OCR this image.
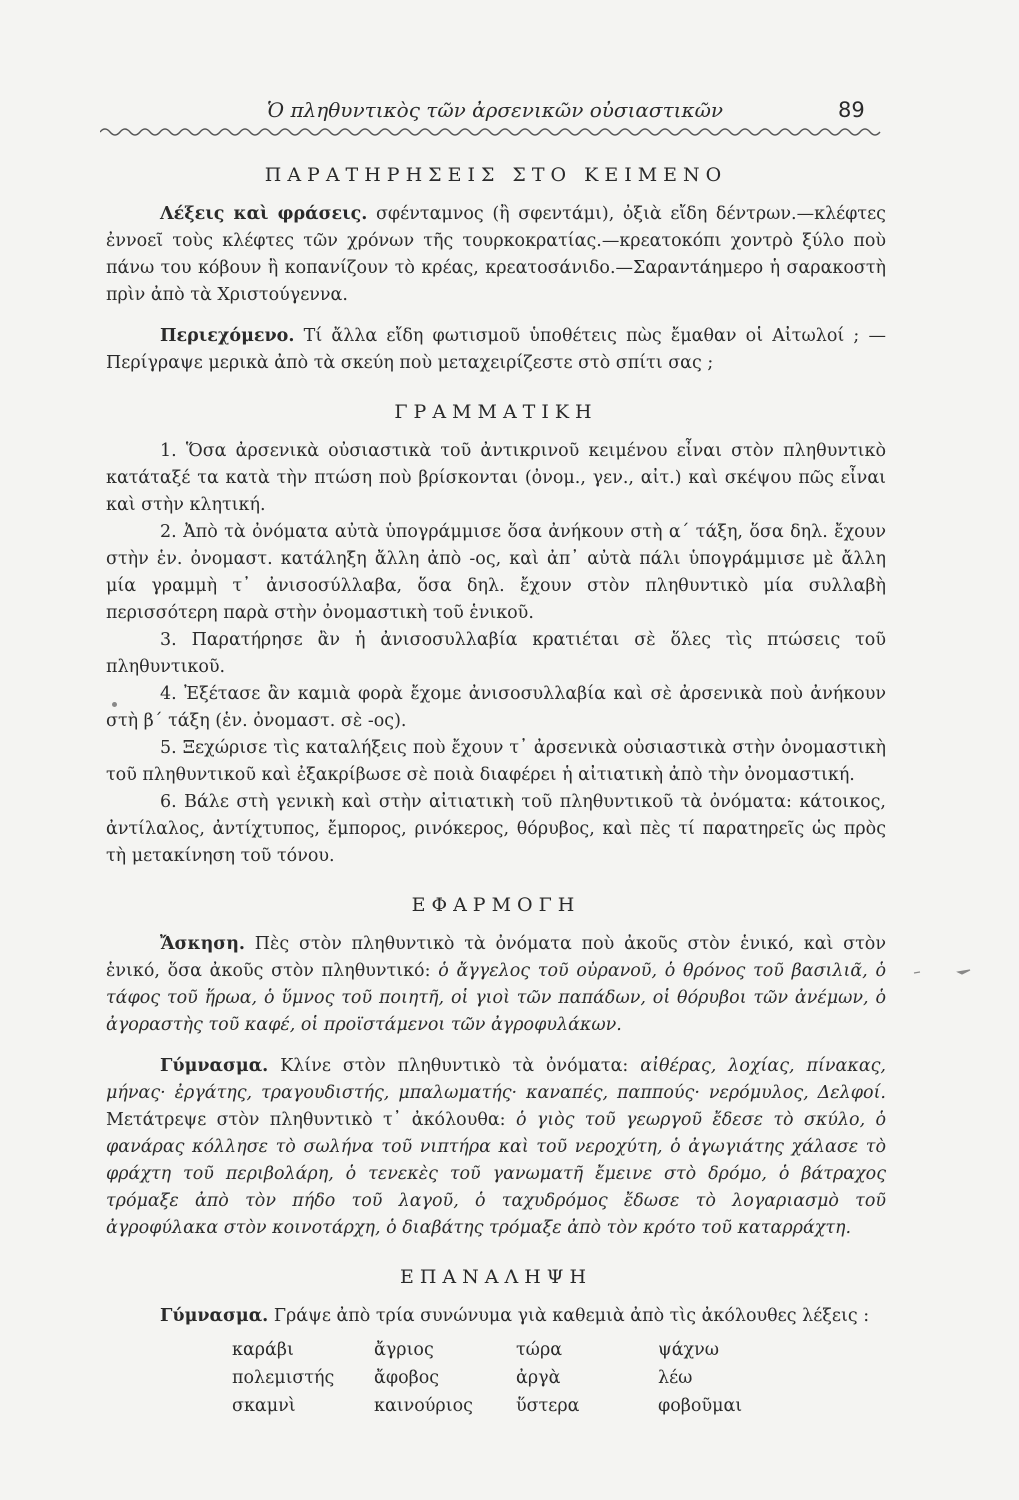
Ὁ πληθυντικὸς τῶν ἀρσενικῶν οὐσιαστικῶν	89
ΠΑΡΑΤΗΡΗΣΕΙΣ ΣΤΟ ΚΕΙΜΕΝΟ

Λέξεις καὶ φράσεις. σφένταμνος (ἢ σφεντάμι), ὀξιὰ εἴδη δέντρων.—κλέφτες ἐννοεῖ τοὺς κλέφτες τῶν χρόνων τῆς τουρκοκρατίας.—κρεατοκόπι χοντρὸ ξύλο ποὺ πάνω του κόβουν ἢ κοπανίζουν τὸ κρέας, κρεατοσάνιδο.—Σαραντάημερο ἡ σαρακοστὴ πρὶν ἀπὸ τὰ Χριστούγεννα.

Περιεχόμενο. Τί ἄλλα εἴδη φωτισμοῦ ὑποθέτεις πὼς ἔμαθαν οἱ Αἰτωλοί ; —Περίγραψε μερικὰ ἀπὸ τὰ σκεύη ποὺ μεταχειρίζεστε στὸ σπίτι σας ;

ΓΡΑΜΜΑΤΙΚΗ

1. Ὅσα ἀρσενικὰ οὐσιαστικὰ τοῦ ἀντικρινοῦ κειμένου εἶναι στὸν πληθυντικὸ κατάταξέ τα κατὰ τὴν πτώση ποὺ βρίσκονται (ὀνομ., γεν., αἰτ.) καὶ σκέψου πῶς εἶναι καὶ στὴν κλητική.

2. Ἀπὸ τὰ ὀνόματα αὐτὰ ὑπογράμμισε ὅσα ἀνήκουν στὴ α΄ τάξη, ὅσα δηλ. ἔχουν στὴν ἑν. ὀνομαστ. κατάληξη ἄλλη ἀπὸ -ος, καὶ ἀπ᾽ αὐτὰ πάλι ὑπογράμμισε μὲ ἄλλη μία γραμμὴ τ᾽ ἀνισοσύλλαβα, ὅσα δηλ. ἔχουν στὸν πληθυντικὸ μία συλλαβὴ περισσότερη παρὰ στὴν ὀνομαστικὴ τοῦ ἑνικοῦ.

3. Παρατήρησε ἂν ἡ ἀνισοσυλλαβία κρατιέται σὲ ὅλες τὶς πτώσεις τοῦ πληθυντικοῦ.

4. Ἐξέτασε ἂν καμιὰ φορὰ ἔχομε ἀνισοσυλλαβία καὶ σὲ ἀρσενικὰ ποὺ ἀνήκουν στὴ β΄ τάξη (ἑν. ὀνομαστ. σὲ -ος).

5. Ξεχώρισε τὶς καταλήξεις ποὺ ἔχουν τ᾽ ἀρσενικὰ οὐσιαστικὰ στὴν ὀνομαστικὴ τοῦ πληθυντικοῦ καὶ ἐξακρίβωσε σὲ ποιὰ διαφέρει ἡ αἰτιατικὴ ἀπὸ τὴν ὀνομαστική.

6. Βάλε στὴ γενικὴ καὶ στὴν αἰτιατικὴ τοῦ πληθυντικοῦ τὰ ὀνόματα: κάτοικος, ἀντίλαλος, ἀντίχτυπος, ἔμπορος, ρινόκερος, θόρυβος, καὶ πὲς τί παρατηρεῖς ὡς πρὸς τὴ μετακίνηση τοῦ τόνου.

ΕΦΑΡΜΟΓΗ

Ἄσκηση. Πὲς στὸν πληθυντικὸ τὰ ὀνόματα ποὺ ἀκοῦς στὸν ἑνικό, καὶ στὸν ἑνικό, ὅσα ἀκοῦς στὸν πληθυντικό: ὁ ἄγγελος τοῦ οὐρανοῦ, ὁ θρόνος τοῦ βασιλιᾶ, ὁ τάφος τοῦ ἥρωα, ὁ ὕμνος τοῦ ποιητῆ, οἱ γιοὶ τῶν παπάδων, οἱ θόρυβοι τῶν ἀνέμων, ὁ ἀγοραστὴς τοῦ καφέ, οἱ προϊστάμενοι τῶν ἀγροφυλάκων.

Γύμνασμα. Κλίνε στὸν πληθυντικὸ τὰ ὀνόματα: αἰθέρας, λοχίας, πίνακας, μήνας· ἐργάτης, τραγουδιστής, μπαλωματής· καναπές, παππούς· νερόμυλος, Δελφοί. Μετάτρεψε στὸν πληθυντικὸ τ᾽ ἀκόλουθα: ὁ γιὸς τοῦ γεωργοῦ ἔδεσε τὸ σκύλο, ὁ φανάρας κόλλησε τὸ σωλήνα τοῦ νιπτήρα καὶ τοῦ νεροχύτη, ὁ ἀγωγιάτης χάλασε τὸ φράχτη τοῦ περιβολάρη, ὁ τενεκὲς τοῦ γανωματῆ ἔμεινε στὸ δρόμο, ὁ βάτραχος τρόμαξε ἀπὸ τὸν πήδο τοῦ λαγοῦ, ὁ ταχυδρόμος ἔδωσε τὸ λογαριασμὸ τοῦ ἀγροφύλακα στὸν κοινοτάρχη, ὁ διαβάτης τρόμαξε ἀπὸ τὸν κρότο τοῦ καταρράχτη.

ΕΠΑΝΑΛΗΨΗ

Γύμνασμα. Γράψε ἀπὸ τρία συνώνυμα γιὰ καθεμιὰ ἀπὸ τὶς ἀκόλουθες λέξεις :

καράβι	ἄγριος	τώρα	ψάχνω
πολεμιστής	ἄφοβος	ἀργὰ	λέω
σκαμνὶ	καινούριος	ὕστερα	φοβοῦμαι
